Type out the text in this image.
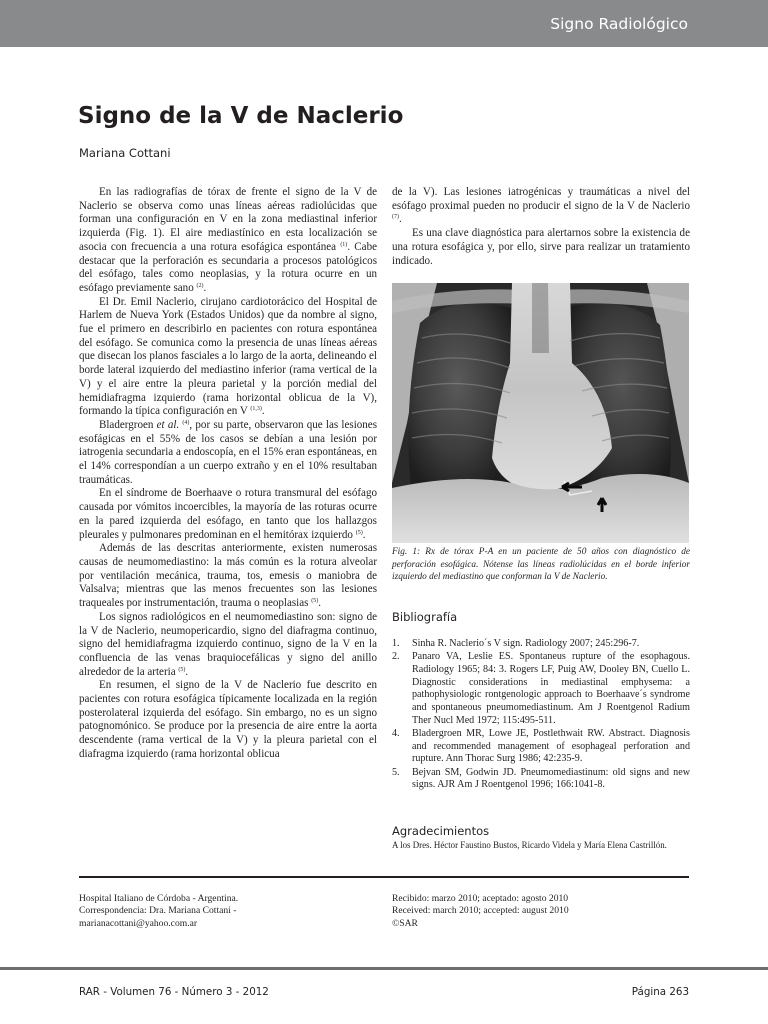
Signo Radiológico
Signo de la V de Naclerio
Mariana Cottani

En las radiografías de tórax de frente el signo de la V de Naclerio se observa como unas líneas aéreas radiolúcidas que forman una configuración en V en la zona mediastinal inferior izquierda (Fig. 1). El aire mediastínico en esta localización se asocia con frecuencia a una rotura esofágica espontánea $^{(1)}$. Cabe destacar que la perforación es secundaria a procesos patológicos del esófago, tales como neoplasias, y la rotura ocurre en un esófago previamente sano $^{(2)}$.

El Dr. Emil Naclerio, cirujano cardiotorácico del Hospital de Harlem de Nueva York (Estados Unidos) que da nombre al signo, fue el primero en describirlo en pacientes con rotura espontánea del esófago. Se comunica como la presencia de unas líneas aéreas que disecan los planos fasciales a lo largo de la aorta, delineando el borde lateral izquierdo del mediastino inferior (rama vertical de la V) y el aire entre la pleura parietal y la porción medial del hemidiafragma izquierdo (rama horizontal oblicua de la V), formando la típica configuración en V $^{(1,3)}$.

Bladergroen et al. $^{(4)}$, por su parte, observaron que las lesiones esofágicas en el 55% de los casos se debían a una lesión por iatrogenia secundaria a endoscopía, en el 15% eran espontáneas, en el 14% correspondían a un cuerpo extraño y en el 10% resultaban traumáticas.

En el síndrome de Boerhaave o rotura transmural del esófago causada por vómitos incoercibles, la mayoría de las roturas ocurre en la pared izquierda del esófago, en tanto que los hallazgos pleurales y pulmonares predominan en el hemitórax izquierdo $^{(5)}$.

Además de las descritas anteriormente, existen numerosas causas de neumomediastino: la más común es la rotura alveolar por ventilación mecánica, trauma, tos, emesis o maniobra de Valsalva; mientras que las menos frecuentes son las lesiones traqueales por instrumentación, trauma o neoplasias $^{(5)}$.

Los signos radiológicos en el neumomediastino son: signo de la V de Naclerio, neumopericardio, signo del diafragma continuo, signo del hemidiafragma izquierdo continuo, signo de la V en la confluencia de las venas braquiocefálicas y signo del anillo alrededor de la arteria $^{(5)}$.

En resumen, el signo de la V de Naclerio fue descrito en pacientes con rotura esofágica típicamente localizada en la región posterolateral izquierda del esófago. Sin embargo, no es un signo patognomónico. Se produce por la presencia de aire entre la aorta descendente (rama vertical de la V) y la pleura parietal con el diafragma izquierdo (rama horizontal oblicua

de la V). Las lesiones iatrogénicas y traumáticas a nivel del esófago proximal pueden no producir el signo de la V de Naclerio $^{(7)}$.

Es una clave diagnóstica para alertarnos sobre la existencia de una rotura esofágica y, por ello, sirve para realizar un tratamiento indicado.

Fig. 1: Rx de tórax P-A en un paciente de 50 años con diagnóstico de perforación esofágica. Nótense las líneas radiolúcidas en el borde inferior izquierdo del mediastino que conforman la V de Naclerio.
Bibliografía
1. Sinha R. Naclerio´s V sign. Radiology 2007; 245:296-7.
2. Panaro VA, Leslie ES. Spontaneus rupture of the esophagous. Radiology 1965; 84: 3. Rogers LF, Puig AW, Dooley BN, Cuello L. Diagnostic considerations in mediastinal emphysema: a pathophysiologic rontgenologic approach to Boerhaave´s syndrome and spontaneous pneumomediastinum. Am J Roentgenol Radium Ther Nucl Med 1972; 115:495-511.
4. Bladergroen MR, Lowe JE, Postlethwait RW. Abstract. Diagnosis and recommended management of esophageal perforation and rupture. Ann Thorac Surg 1986; 42:235-9.
5. Bejvan SM, Godwin JD. Pneumomediastinum: old signs and new signs. AJR Am J Roentgenol 1996; 166:1041-8.
Agradecimientos
A los Dres. Héctor Faustino Bustos, Ricardo Videla y María Elena Castrillón.
Hospital Italiano de Córdoba - Argentina.
Correspondencia: Dra. Mariana Cottani -
marianacottani@yahoo.com.ar
Recibido: marzo 2010; aceptado: agosto 2010
Received: march 2010; accepted: august 2010
©SAR
RAR - Volumen 76 - Número 3 - 2012	Página 263
